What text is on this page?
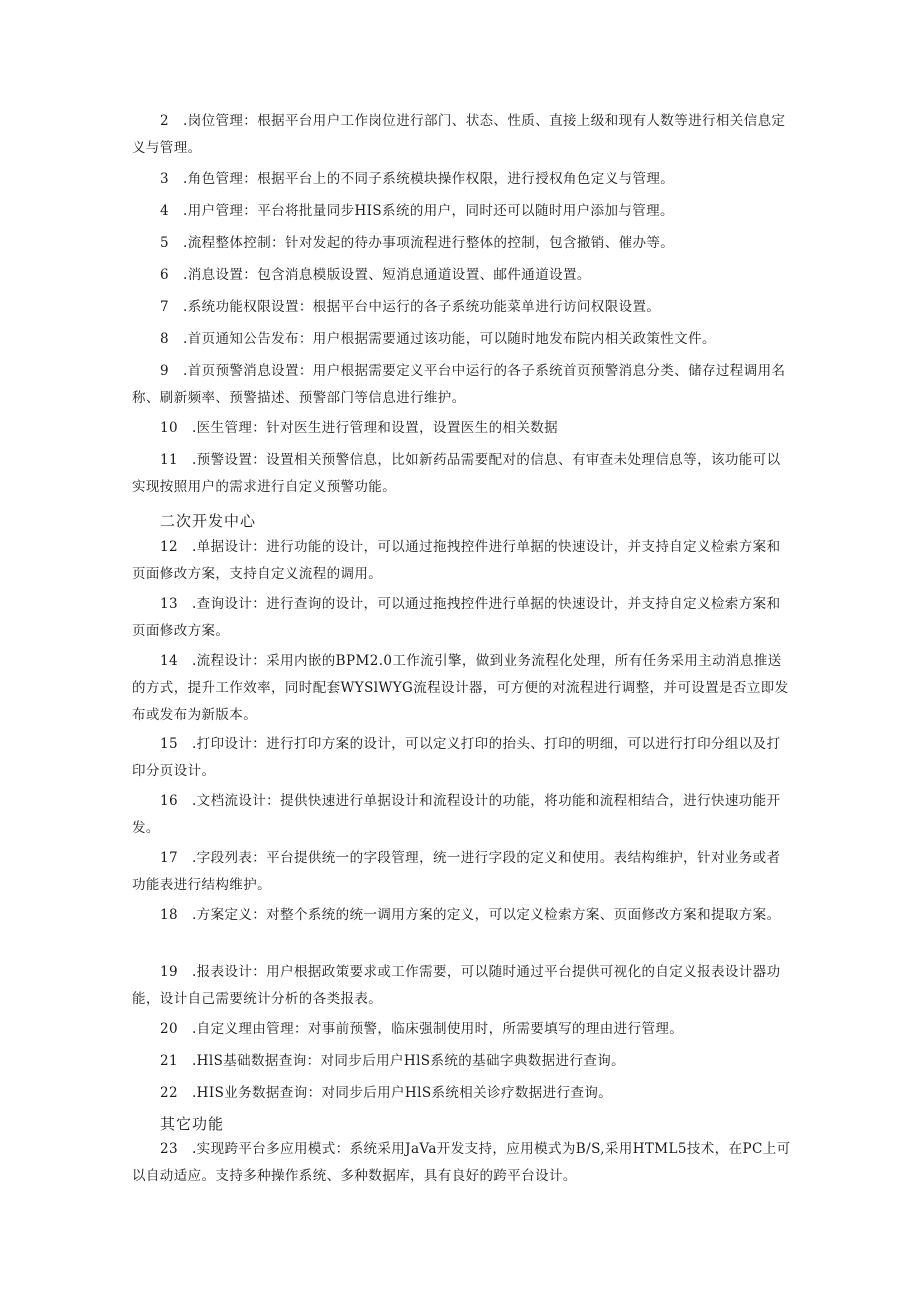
2 .岗位管理：根据平台用户工作岗位进行部门、状态、性质、直接上级和现有人数等进行相关信息定义与管理。

3 .角色管理：根据平台上的不同子系统模块操作权限，进行授权角色定义与管理。

4 .用户管理：平台将批量同步HIS系统的用户，同时还可以随时用户添加与管理。

5 .流程整体控制：针对发起的待办事项流程进行整体的控制，包含撤销、催办等。

6 .消息设置：包含消息模版设置、短消息通道设置、邮件通道设置。

7 .系统功能权限设置：根据平台中运行的各子系统功能菜单进行访问权限设置。

8 .首页通知公告发布：用户根据需要通过该功能，可以随时地发布院内相关政策性文件。

9 .首页预警消息设置：用户根据需要定义平台中运行的各子系统首页预警消息分类、储存过程调用名称、刷新频率、预警描述、预警部门等信息进行维护。

10 .医生管理：针对医生进行管理和设置，设置医生的相关数据

11 .预警设置：设置相关预警信息，比如新药品需要配对的信息、有审查未处理信息等，该功能可以实现按照用户的需求进行自定义预警功能。

二次开发中心

12 .单据设计：进行功能的设计，可以通过拖拽控件进行单据的快速设计，并支持自定义检索方案和页面修改方案，支持自定义流程的调用。

13 .查询设计：进行查询的设计，可以通过拖拽控件进行单据的快速设计，并支持自定义检索方案和页面修改方案。

14 .流程设计：采用内嵌的BPM2.0工作流引擎，做到业务流程化处理，所有任务采用主动消息推送的方式，提升工作效率，同时配套WYSlWYG流程设计器，可方便的对流程进行调整，并可设置是否立即发布或发布为新版本。

15 .打印设计：进行打印方案的设计，可以定义打印的抬头、打印的明细，可以进行打印分组以及打印分页设计。

16 .文档流设计：提供快速进行单据设计和流程设计的功能，将功能和流程相结合，进行快速功能开发。

17 .字段列表：平台提供统一的字段管理，统一进行字段的定义和使用。表结构维护，针对业务或者功能表进行结构维护。

18 .方案定义：对整个系统的统一调用方案的定义，可以定义检索方案、页面修改方案和提取方案。

19 .报表设计：用户根据政策要求或工作需要，可以随时通过平台提供可视化的自定义报表设计器功能，设计自己需要统计分析的各类报表。

20 .自定义理由管理：对事前预警，临床强制使用时，所需要填写的理由进行管理。

21 .HlS基础数据查询：对同步后用户HlS系统的基础字典数据进行查询。

22 .HIS业务数据查询：对同步后用户HlS系统相关诊疗数据进行查询。

其它功能

23 .实现跨平台多应用模式：系统采用JaVa开发支持，应用模式为B/S,采用HTML5技术，在PC上可以自动适应。支持多种操作系统、多种数据库，具有良好的跨平台设计。
